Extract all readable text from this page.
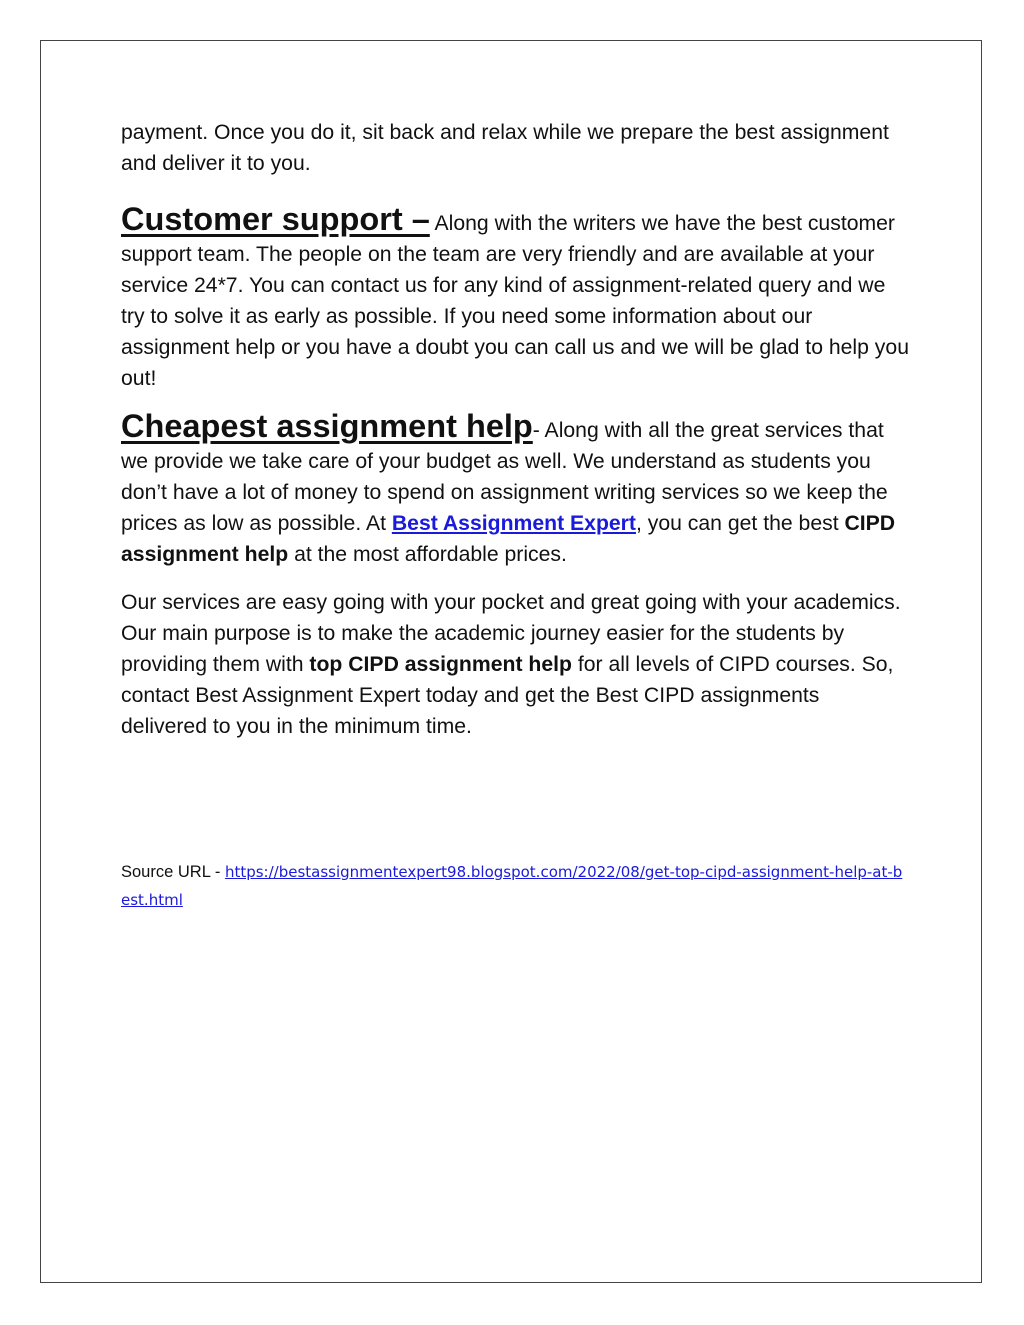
payment. Once you do it, sit back and relax while we prepare the best assignment and deliver it to you.

Customer support – Along with the writers we have the best customer support team. The people on the team are very friendly and are available at your service 24*7. You can contact us for any kind of assignment-related query and we try to solve it as early as possible. If you need some information about our assignment help or you have a doubt you can call us and we will be glad to help you out!

Cheapest assignment help- Along with all the great services that we provide we take care of your budget as well. We understand as students you don’t have a lot of money to spend on assignment writing services so we keep the prices as low as possible. At Best Assignment Expert, you can get the best CIPD assignment help at the most affordable prices.

Our services are easy going with your pocket and great going with your academics. Our main purpose is to make the academic journey easier for the students by providing them with top CIPD assignment help for all levels of CIPD courses. So, contact Best Assignment Expert today and get the Best CIPD assignments delivered to you in the minimum time.

Source URL - https://bestassignmentexpert98.blogspot.com/2022/08/get-top-cipd-assignment-help-at-best.html
